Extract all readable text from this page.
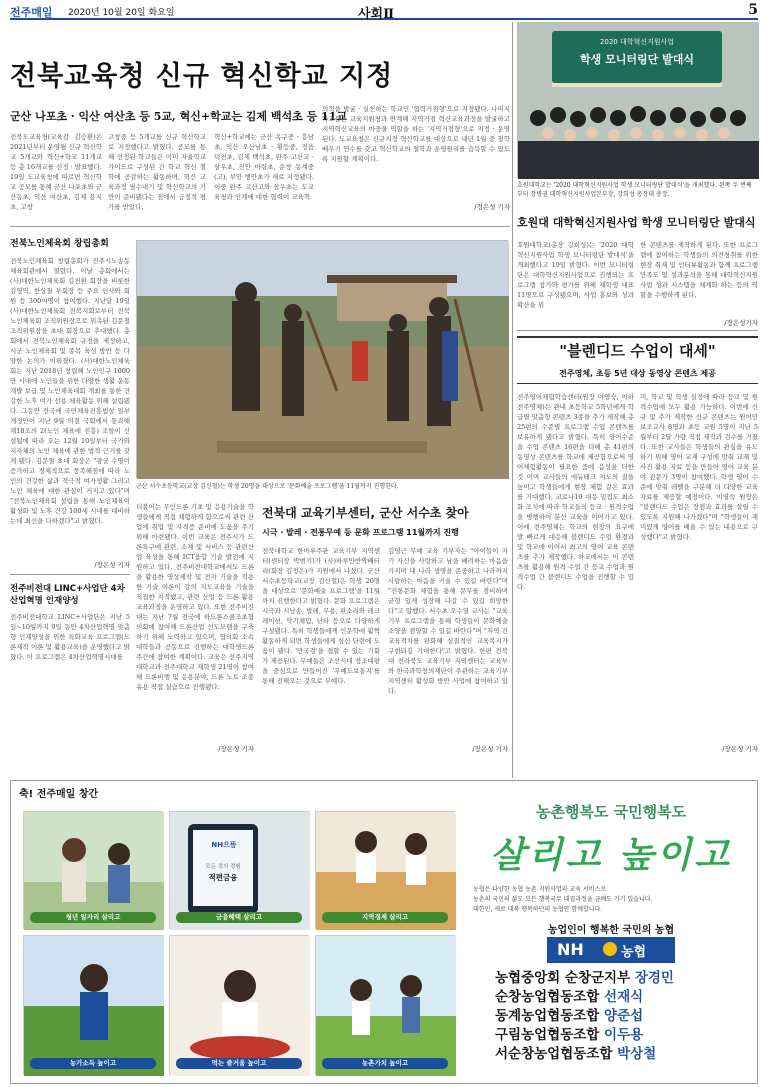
전주매일 2020년 10월 20일 화요일	사회Ⅱ	5
전북교육청 신규 혁신학교 지정
군산 나포초 · 익산 여산초 등 5교, 혁신+학교는 김제 백석초 등 11교
전북도교육청(교육감 김승환)은 2021년부터 운영될 신규 혁신학교 5개교와 혁신+학교 11개교 등 총 16개교를 선정 · 발표했다. 19일 도교육청에 따르면 혁신학교 공모를 통해 군산 나포초와 군산동초, 익산 여산초, 김제 용지초, 고창
고창중 등 5개교를 신규 혁신학교로 지정했다고 밝혔다. 공모를 통해 선정된 학교들은 이미 자율학교 가이드로 구성된 간 학교 혁신 철학에 공감하는 활동하며, 혁신 교육과정 필수내기 및 혁신학교의 기반이 준비됐다는 점에서 긍정적 평가를 받았다.
혁신+학교에는 군산 옥구중 · 흥남초, 익산 오산남초 · 황등중, 정읍 덕천초, 김제 백석초, 완주 고산고 · 삼우초, 진안 마령초, 순창 동계중(고), 부안 행안초가 새로 지정됐다. 이중 완주 고산고와 삼우초는 도교육청과 인계에 대한 협력이 교육혁
의적을 발굴 · 실천하는 학교인 '협력거점형'으로 지정됐다. 나머지 학교들은 교육지원청과 연계해 지역거점 혁신교육과정을 발굴하고 지역혁신교육의 마중물 역할을 하는 '지역거점형'으로 지정 · 운영된다. 도교육청은 신규지정 혁신학교를 대상으로 내년 1월 중 철학배우기 연수를 갖고 혁신학교의 철학과 운영원리를 습득할 수 있도록 지원할 계획이다.
/정은성 기자
2020 대학혁신지원사업
학생 모니터링단 발대식
호원대학교는 '2020 대학혁신지원사업 학생 모니터링단 발대식'을 개최했다. 왼쪽 두 번째 부터 장병권 대학혁신지원사업본부장, 강희성 총장대 총장.
호원대 대학혁신지원사업 학생 모니터링단 발대식
호원대학교(총장 강희성)는 '2020 대학혁신지원사업 학생 모니터링단 발대식'을 개최했다고 19일 밝혔다. 이번 모니터링단은 대학혁신지원사업으로 진행되는 프로그램 참가와 평가를 위해 재학생 대표 11명으로 구성됐으며, 사업 홍보와 성과 확산을 위
한 콘텐츠를 제작하게 된다. 또한 프로그램에 참여하는 학생들의 의견청취를 위한 현장 취재 및 인터뷰활동과 함께 프로그램 만족도 및 성과분석을 통해 대학혁신지원사업 성과 시스템을 체계화 하는 등의 역할을 수행하게 된다.
/장은성기자
전북노인체육회 창립총회
전북노인체육회 창립총회가 전주시노송동 체육회관에서 열렸다. 이날 총회에서는 (사)대한노인체육회 김천환 회장을 비롯한 김영익, 한상철 부회장 등 주요 인사와 회원 등 300여명이 참여했다. 지난달 19일 (사)대한노인체육회 전북지회로부터 전북노인체육회 조직위원장으로 위촉된 김문철 조직위원장을 초대 회장으로 추대했다. 총회에서 전북노인체육회 규정을 제정하고, 시군 노인체육회 및 종목 육성 방안 등 다양한 논의가 이뤄졌다. (사)대한노인체육회는 지난 2018년 창립해 노인인구 1000만 시대에 노인들을 위한 다양한 생활 운동 개발 보급 및 노인체육대회 개최를 통한 건강한 노후 여가 선용 체육활동 위해 설립됐다. 그동안 전국에 국민체육진흥법상 일부개정안이 지난 9월 의결 국회에서 통과해 제18조의 2(노인 체육에 진흥) 조항이 신설됨에 따라 오는 12월 10일부터 국가와 지자체의 노인 체육에 관한 법적 근거를 갖게 됐다. 김문철 초대 회장은 "광균 수명이 증가하고 경제적으로 풍족해짐에 따라 노인의 건강한 삶과 적극적 여가생활 그리고 노인 체육에 대한 관심이 커지고 있다"며 "전북노인체육회 설립을 통해 노인체육이 활성화 및 노후 건강 100세 시대를 대비하는데 최선을 다하겠다"고 밝혔다.
/장은성 기자
군산 서수초등학교(교장 김신철)는 학생 20명을 대상으로 '문화예술 프로그램'을 11월까지 진행한다.
전주비전대 LINC+사업단 4차산업혁명 인재양성
전주비전대학교 LINC+사업단은 지난 5일~10월까지 9일 동안 4차산업혁명 맞춤형 인재양성을 위한 특화교육 프로그램(드론제작 이론 및 활용교육)을 운영했다고 밝혔다. 이 프로그램은 4차산업혁명시대를
더불어는 무인드론 기초 및 응용기술을 학생들에게 직접 체험하게 함으로써 관련 산업에 취업 및 자격증 준비에 도움을 주기 위해 마련됐다. 이번 교육은 전주시가 드론특구에 관련, 소재 및 서비스 등 관련산업 육성을 통해 ICT융합 기술 발전에 지원하고 있다. 전주비전대학교에서도 드론을 활용한 영상제작 및 전자 기술을 적용한 기술 이론이 강의 지도교육을 기술을 직접한 지적했고, 관련 산업 등 드론 활용 교육과정을 운영하고 있다. 또한 전주비전대는 지난 7월 전국에 하드론스쿨조초협의회에 참여해 드론산업 선도모델을 구축하기 위해 노력하고 있으며, 협의회 소속 대학들과 공동으로 진행하는 대학생드론주간에 참여한 계획이다. 교육은 전주지역 대학교과 전주대학교 재학생 21명이 참여해 드론비행 및 응용분야, 드론 노트 조종 유용 직접 실습으로 진행됐다.
/장은성 기자
전북대 교육기부센터, 군산 서수초 찾아
시극 · 발레 · 전통무예 등 문화 프로그램 11월까지 진행
전북대학교 한마루주관 교육기부 지역센터(센터장 박범기)가 (사)하루만반짝배터리(회장 김정은)가 지원에서 나섰다. 군산 서수초등학교(교장 김신철)은 학생 20명을 대상으로 '문화예술 프로그램'을 11월까지 진행한다고 밝혔다. 문화 프로그램은 시극과 시낭송, 발레, 무용, 판소리와 레크레이션, 악기체험, 난타 등으로 다양하게 구성됐다. 특히 학생들에게 인문학에 활짝 활동하게 되면 학생들에게 심신 단련에 도움이 됐다. '만국검'을 접할 수 있는 기회가 제공된다. 무예들은 조선시대 정조대왕을 중심으로 만들어진 '무예도보통지'를 통해 전해오는 것으로 무예다.
김영근 무예 교육 기부자는 "아이들이 자기 자신을 사랑하고 남을 배려하는 마음을 가지며 내 나라 생명을 존중하고 나라까지 사랑하는 마음을 키울 수 있길 바란다"며 "전통문화 체험을 통해 문무를 겸비하며 균형 있게 성장해 나갈 수 있길 희망한다"고 말했다. 서수초 오수열 교사는 "교육기부 프로그램을 통해 학생들이 문화예술 소양을 겸양할 수 있길 바란다"며 "지역 간 교육격차를 완화해 실질적인 교육복지가 구현되길 기대한다"고 밝혔다. 한편 전북대 전라북도 교육기부 지역센터는 교육부와 한국과학창의재단이 주관하는 교육기부 지역센터 활성화 방안 사업에 참여하고 있다.
/장은성 기자
"블렌디드 수업이 대세"
전주영체, 초등 5년 대상 동영상 콘텐츠 제공
전주영어체험학습센터(원장 이영숙, 이하 전주영체)는 관내 초등학교 5학년에게 학급별 맞춤형 콘텐츠 3종을 추가 제작해 총 25편의 수준별 프로그램 수업 콘텐츠를 보유하게 됐다고 밝혔다. 특히 영어수준을 수업 콘텐츠 16편을 더해 총 41편의 동영상 콘텐츠를 학교에 제공함으로써 영어체험활동이 필요한 줌에 음성을 더한 것 이며 교사들의 에듀테크 지도의 질을 높이고 학생들에게 현장 체험 같은 효과를 기대했다. 코로나19 대응 밀집도 최소화 조치에 따라 학교들의 등교 · 원격수업을 병행하여 분산 교육을 이어가고 있다. 이에 전주영체는 학교의 현장의 요구에 발 빠르게 대응해 블렌디드 수업 환경과 및 학교에 이어서 최고의 영어 교육 콘텐츠를 추가 제작했다. 하교에서는 이 콘텐츠를 활용해 원격 수업 간 등교 수업과 원격수업 간 블렌디드 수업을 진행할 수 있다.
미, 학교 및 학생 실정에 따라 등교 및 원격수업에 모두 활용 가능하다. 이번에 신규 및 추가 제작한 신규 콘텐츠는 원어민 보조교사 8명과 초등 교원 5명이 지난 5월부터 2달 가량 직접 제작과 검수를 거쳤다. 또한 교사들은 학생들의 관심을 유도하기 위해 영어 교재 구성에 맞춰 교재 및 사진 활용 자료 등을 만들어 영어 교육 분야 전문가 3명이 참여했다. 학생 영어 수준에 맞춰 레벨을 구분해 더 다양한 교육자료를 제공할 예정이다. 이영숙 원장은 "블렌디드 수업은 장점과 효과를 살릴 수 있도록 지원해 나가겠다"며 "학생들이 재미있게 영어를 배울 수 있는 내용으로 구성했다"고 밝혔다.
/장은성 기자
축! 전주매일 창간
청년 일자리 살리고
NH으뜸
모든 것의 경험
적편금융
금융혜택 살리고	지역경제 살리고
농가소득 높이고	먹는 즐거움 높이고	농촌가치 높이고
농촌행복도 국민행복도
살리고 높이고
농협은 다양한 농협 농촌 지원사업과 교육 서비스로
농촌의 국민의 삶도 모든 행복국무 대결과정을 금배도 가기 있습니다.
대한민, 새로 대북 행복하던의 농협만 함께합니다.
농업인이 행복한 국민의 농협
NH	농협
농협중앙회 순창군지부 장경민
순창농업협동조합 선재식
동계농업협동조합 양준섭
구림농업협동조합 이두용
서순창농업협동조합 박상철
